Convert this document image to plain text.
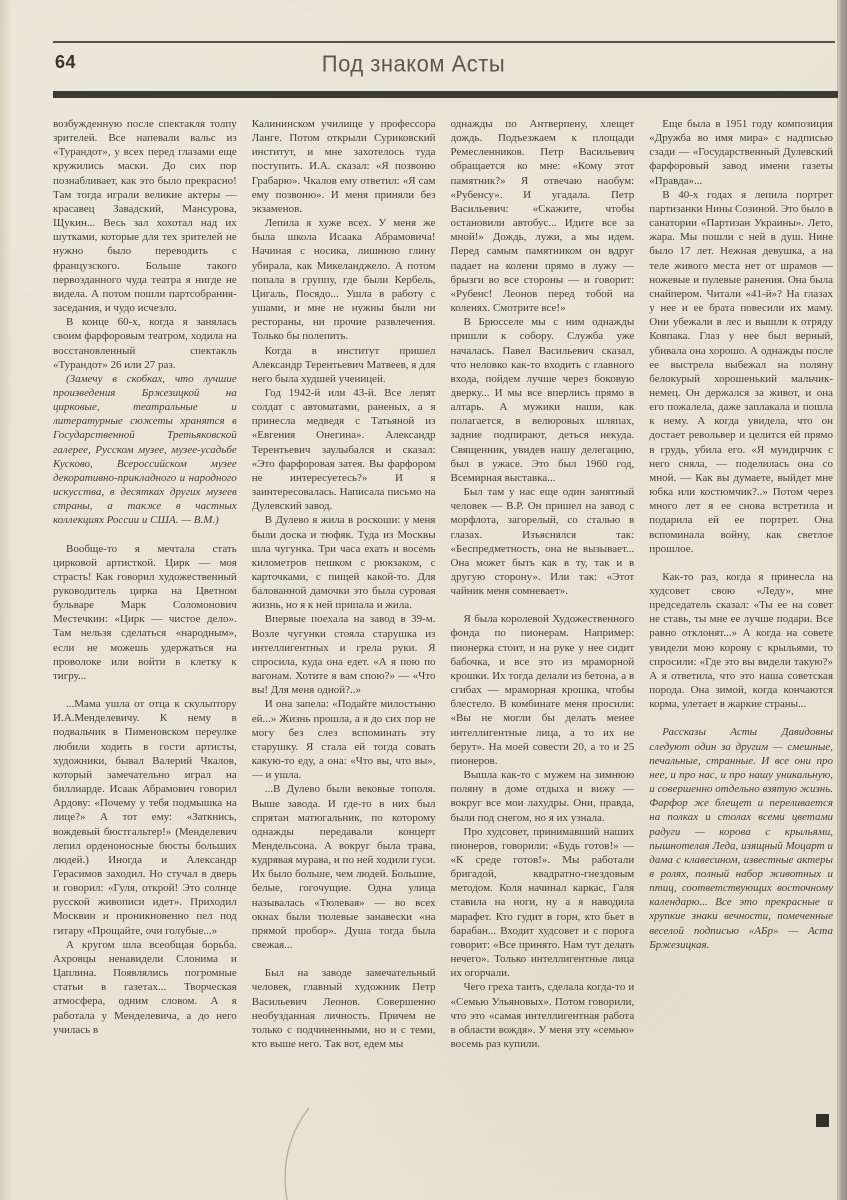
64	Под знаком Асты

возбужденную после спектакля толпу зрителей. Все напевали вальс из «Турандот», у всех перед глазами еще кружились маски. До сих пор познабливает, как это было прекрасно! Там тогда играли великие актеры — красавец Завадский, Мансурова, Щукин... Весь зал хохотал над их шутками, которые для тех зрителей не нужно было переводить с французского. Больше такого первозданного чуда театра я нигде не видела. А потом пошли партсобрания-заседания, и чудо исчезло.

В конце 60-х, когда я занялась своим фарфоровым театром, ходила на восстановленный спектакль «Турандот» 26 или 27 раз.

(Замечу в скобках, что лучшие произведения Бржезицкой на цирковые, театральные и литературные сюжеты хранятся в Государственной Третьяковской галерее, Русском музее, музее-усадьбе Кусково, Всероссийском музее декоративно-прикладного и народного искусства, в десятках других музеев страны, а также в частных коллекциях России и США. — В.М.)

Вообще-то я мечтала стать цирковой артисткой. Цирк — моя страсть! Как говорил художественный руководитель цирка на Цветном бульваре Марк Соломонович Местечкин: «Цирк — чистое дело». Там нельзя сделаться «народным», если не можешь удержаться на проволоке или войти в клетку к тигру...

...Мама ушла от отца к скульптору И.А.Менделевичу. К нему в подвальчик в Пименовском переулке любили ходить в гости артисты, художники, бывал Валерий Чкалов, который замечательно играл на биллиарде. Исаак Абрамович говорил Ардову: «Почему у тебя подмышка на лице?» А тот ему: «Заткнись, вождевый бюстгальтер!» (Менделевич лепил орденоносные бюсты больших людей.) Иногда и Александр Герасимов заходил. Но стучал в дверь и говорил: «Гуля, открой! Это солнце русской живописи идет». Приходил Москвин и проникновенно пел под гитару «Прощайте, очи голубые...»

А кругом шла всеобщая борьба. Ахровцы ненавидели Слонима и Цаплина. Появлялись погромные статьи в газетах... Творческая атмосфера, одним словом. А я работала у Менделевича, а до него училась в

Калининском училище у профессора Ланге. Потом открыли Суриковский институт, и мне захотелось туда поступить. И.А. сказал: «Я позвоню Грабарю». Чкалов ему ответил: «Я сам ему позвоню». И меня приняли без экзаменов.

Лепила я хуже всех. У меня же была школа Исаака Абрамовича! Начиная с носика, лишнюю глину убирала, как Микеланджело. А потом попала в группу, где были Кербель, Цигаль, Посядо... Ушла в работу с ушами, и мне не нужны были ни рестораны, ни прочие развлечения. Только бы полепить.

Когда в институт пришел Александр Терентьевич Матвеев, я для него была худшей ученицей.

Год 1942-й или 43-й. Все лепят солдат с автоматами, раненых, а я принесла медведя с Татьяной из «Евгения Онегина». Александр Терентьевич заулыбался и сказал: «Это фарфоровая затея. Вы фарфором не интересуетесь?» И я заинтересовалась. Написала письмо на Дулевский завод.

В Дулево я жила в роскоши: у меня были доска и тюфяк. Туда из Москвы шла чугунка. Три часа ехать и восемь километров пешком с рюкзаком, с карточками, с пищей какой-то. Для балованной дамочки это была суровая жизнь, но я к ней припала и жила.

Впервые поехала на завод в 39-м. Возле чугунки стояла старушка из интеллигентных и грела руки. Я спросила, куда она едет. «А я пою по вагонам. Хотите я вам спою?» — «Что вы! Для меня одной?..»

И она запела: «Подайте милостыню ей...» Жизнь прошла, а я до сих пор не могу без слез вспоминать эту старушку. Я стала ей тогда совать какую-то еду, а она: «Что вы, что вы», — и ушла.

...В Дулево были вековые тополя. Выше завода. И где-то в них был спрятан матюгальник, по которому однажды передавали концерт Мендельсона. А вокруг была трава, кудрявая мурава, и по ней ходили гуси. Их было больше, чем людей. Большие, белые, гогочущие. Одна улица называлась «Тюлевая» — во всех окнах были тюлевые занавески «на прямой пробор». Душа тогда была свежая...

Был на заводе замечательный человек, главный художник Петр Васильевич Леонов. Совершенно необузданная личность. Причем не только с подчиненными, но и с теми, кто выше него. Так вот, едем мы

однажды по Антверпену, хлещет дождь. Подъезжаем к площади Ремесленников. Петр Васильевич обращается ко мне: «Кому этот памятник?» Я отвечаю наобум: «Рубенсу». И угадала. Петр Васильевич: «Скажите, чтобы остановили автобус... Идите все за мной!» Дождь, лужи, а мы идем. Перед самым памятником он вдруг падает на колени прямо в лужу — брызги во все стороны — и говорит: «Рубенс! Леонов перед тобой на коленях. Смотрите все!»

В Брюсселе мы с ним однажды пришли к собору. Служба уже началась. Павел Васильевич сказал, что неловко как-то входить с главного входа, пойдем лучше через боковую дверку... И мы все вперлись прямо в алтарь. А мужики наши, как полагается, в велюровых шляпах, задние подпирают, деться некуда. Священник, увидев нашу делегацию, был в ужасе. Это был 1960 год, Всемирная выставка...

Был там у нас еще один занятный человек — В.Р. Он пришел на завод с морфлота, загорелый, со сталью в глазах. Изъяснялся так: «Беспредметность, она не вызывает... Она может быть как в ту, так и в другую сторону». Или так: «Этот чайник меня сомневает».

Я была королевой Художественного фонда по пионерам. Например: пионерка стоит, и на руке у нее сидит бабочка, и все это из мраморной крошки. Их тогда делали из бетона, а в сгибах — мраморная крошка, чтобы блестело. В комбинате меня просили: «Вы не могли бы делать менее интеллигентные лица, а то их не берут». На моей совести 20, а то и 25 пионеров.

Вышла как-то с мужем на зимнюю поляну в доме отдыха и вижу — вокруг все мои лахудры. Они, правда, были под снегом, но я их узнала.

Про худсовет, принимавший наших пионеров, говорили: «Будь готов!» — «К среде готов!». Мы работали бригадой, квадратно-гнездовым методом. Коля начинал каркас, Галя ставила на ноги, ну а я наводила марафет. Кто гудит в горн, кто бьет в барабан... Входит худсовет и с порога говорит: «Все принято. Нам тут делать нечего». Только интеллигентные лица их огорчали.

Чего греха таить, сделала когда-то и «Семью Ульяновых». Потом говорили, что это «самая интеллигентная работа в области вождя». У меня эту «семью» восемь раз купили.

Еще была в 1951 году композиция «Дружба во имя мира» с надписью сзади — «Государственный Дулевский фарфоровый завод имени газеты «Правда»...

В 40-х годах я лепила портрет партизанки Нины Созиной. Это было в санатории «Партизан Украины». Лето, жара. Мы пошли с ней в душ. Нине было 17 лет. Нежная девушка, а на теле живого места нет от шрамов — ножевые и пулевые ранения. Она была снайпером. Читали «41-й»? На глазах у нее и ее брата повесили их маму. Они убежали в лес и вышли к отряду Ковпака. Глаз у нее был верный, убивала она хорошо. А однажды после ее выстрела выбежал на поляну белокурый хорошенький мальчик-немец. Он держался за живот, и она его пожалела, даже заплакала и пошла к нему. А когда увидела, что он достает револьвер и целится ей прямо в грудь, убила его. «Я мундирчик с него сняла, — поделилась она со мной. — Как вы думаете, выйдет мне юбка или костюмчик?..» Потом через много лет я ее снова встретила и подарила ей ее портрет. Она вспоминала войну, как светлое прошлое.

Как-то раз, когда я принесла на худсовет свою «Леду», мне председатель сказал: «Ты ее на совет не ставь, ты мне ее лучше подари. Все равно отклонят...» А когда на совете увидели мою корову с крыльями, то спросили: «Где это вы видели такую?» А я ответила, что это наша советская порода. Она зимой, когда кончаются корма, улетает в жаркие страны...

Рассказы Асты Давидовны следуют один за другим — смешные, печальные, странные. И все они про нее, и про нас, и про нашу уникальную, и совершенно отдельно взятую жизнь. Фарфор же блещет и переливается на полках и столах всеми цветами радуги — корова с крыльями, пышнотелая Леда, изящный Моцарт и дама с клавесином, известные актеры в ролях, полный набор животных и птиц, соответствующих восточному календарю... Все это прекрасные и хрупкие знаки вечности, помеченные веселой подписью «АБр» — Аста Бржезицкая.
